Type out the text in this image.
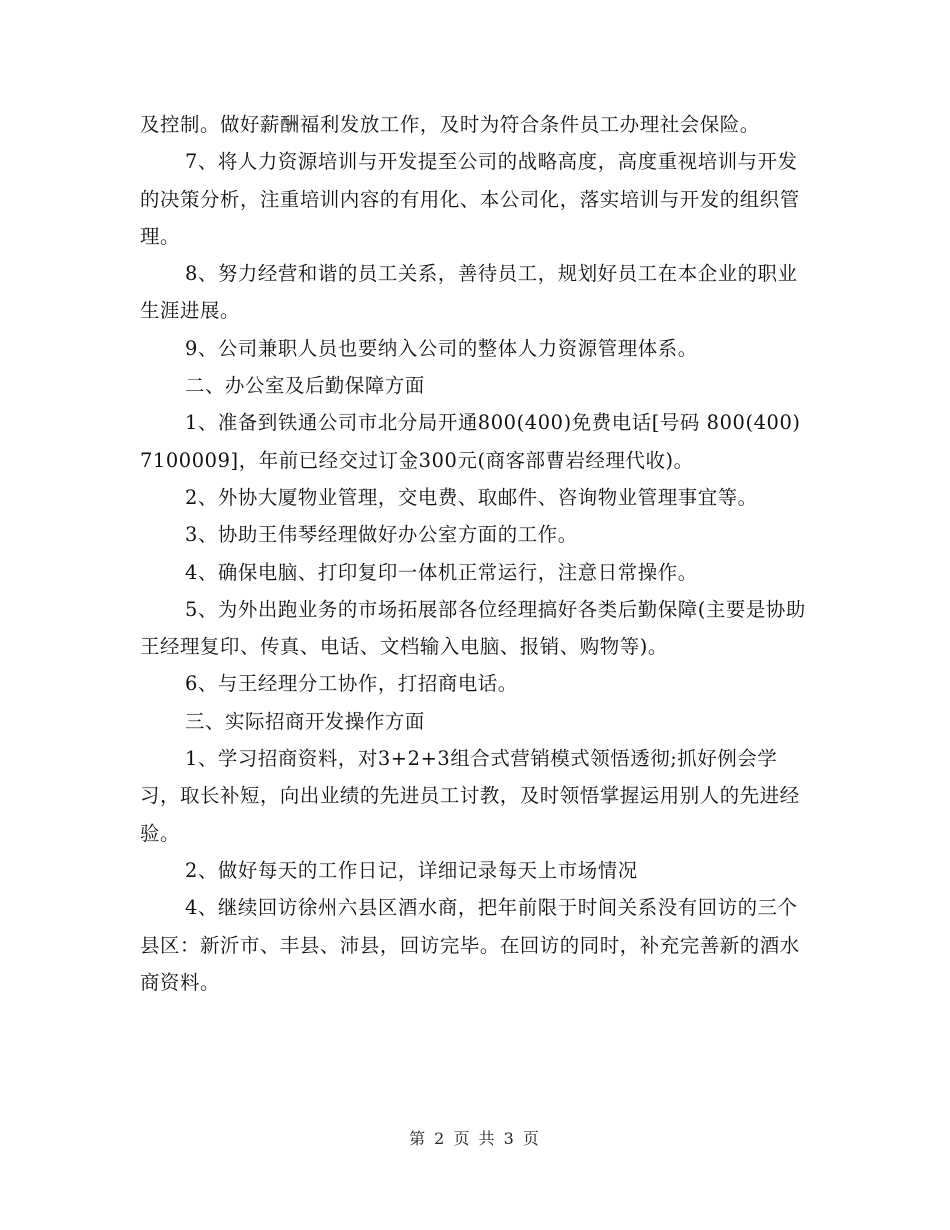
及控制。做好薪酬福利发放工作，及时为符合条件员工办理社会保险。

7、将人力资源培训与开发提至公司的战略高度，高度重视培训与开发的决策分析，注重培训内容的有用化、本公司化，落实培训与开发的组织管理。

8、努力经营和谐的员工关系，善待员工，规划好员工在本企业的职业生涯进展。

9、公司兼职人员也要纳入公司的整体人力资源管理体系。

二、办公室及后勤保障方面

1、准备到铁通公司市北分局开通800(400)免费电话[号码 800(400)7100009]，年前已经交过订金300元(商客部曹岩经理代收)。

2、外协大厦物业管理，交电费、取邮件、咨询物业管理事宜等。

3、协助王伟琴经理做好办公室方面的工作。

4、确保电脑、打印复印一体机正常运行，注意日常操作。

5、为外出跑业务的市场拓展部各位经理搞好各类后勤保障(主要是协助王经理复印、传真、电话、文档输入电脑、报销、购物等)。

6、与王经理分工协作，打招商电话。

三、实际招商开发操作方面

1、学习招商资料，对3+2+3组合式营销模式领悟透彻;抓好例会学习，取长补短，向出业绩的先进员工讨教，及时领悟掌握运用别人的先进经验。

2、做好每天的工作日记，详细记录每天上市场情况

4、继续回访徐州六县区酒水商，把年前限于时间关系没有回访的三个县区：新沂市、丰县、沛县，回访完毕。在回访的同时，补充完善新的酒水商资料。

第 2 页 共 3 页
